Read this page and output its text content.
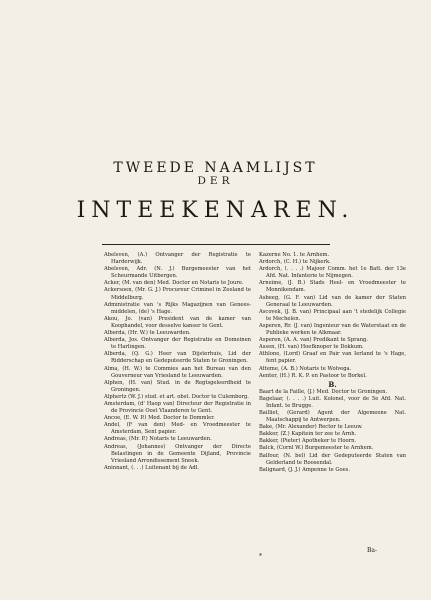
TWEEDE NAAMLIJST
DER
INTEEKENAREN.

Abelsven, (A.) Ontvanger der Registratie te Harderwijk.

Abelsven, Adr. (N. J.) Burgemeester van het Scheurmande Uitbergen.

Acker, (M. van den) Med. Doctor en Notaris te Joure.

Ackersoen, (Mr. G. J.) Procureur Criminel in Zeeland te Middelburg.

Administratie van 's Rijks Magazijnen van Geneesmiddelen, (de) 's Hage.

Akou, Jo. (van) President van de kamer van Koophandel, voor desselve kanser te Gent.

Alberda, (Hr. W.) te Leeuwarden.

Alberda, Jos. Ontvanger der Registratie en Domeinen te Harlingen.

Alberda, (Q. G.) Heer van Dijsterhuis, Lid der Ridderschap en Gedeputeerde Staten te Groningen.

Alma, (H. W.) te Commies aan het Bureau van den Gouverneur van Vriesland te Leeuwarden.

Alphen, (H. van) Stud. in de Regtsgeleerdheid te Groningen.

Alphertz (W. J.) stud. et art. obst. Doctor te Culemborg.

Amsterdam, (d' Haop van) Directeur der Registratie in de Provincie Oost Vlaanderen te Gent.

Ancoe, (E. W. P.) Med. Doctor te Dommler.

Andel, (F van den) Med- en Vroedmeester te Amsterdam, Sent papier.

Andreas, (Mr. P.) Notaris te Leeuwarden.

Andreas, (Johannes) Ontvanger der Directe Belastingen in de Gemeente Dijland, Provincie Vriesland Arrondissement Sneek.

Aninnant, (. . .) Luitenant bij de Adl.

Kazerne No. 1. te Arnhem.

Ardorch, (C. H.) te Nijkerk.

Ardorch, (. . . .) Majoor Comm. het 1e Batt. der 13e Afd. Nat. Infanterie te Nijmegen.

Arneime, (J. B.) Stads Heel- en Vroedmeester te Monnikendam.

Asbeeg, (G. F. van) Lid van de kamer der Staten Generaal te Leeuwarden.

Ascovek, (J. B. van) Principaal aan 't stedelijk Collegie te Mechelen.

Asperen, Rr. (J. van) Ingenieur van de Waterstaat en de Publieke werken te Alkmaar.

Asperen, (A. A. van) Predikant te Sprang.

Assen, (H. van) Hoefknoper te Dokkum.

Athlone, (Lord) Graaf en Pair van Ierland te 's Hage, fent papier.

Atteme, (A. B.) Notaris te Wolvega.

Aenter, (H.) R. K. P. en Pastoor te Borkel.

B.

Baart de la Faille, (J.) Med. Doctor te Groningen.

Bagelaar, (. . . .) Luit. Kolonel, voor de 5e Afd. Nat. Infant. te Brugge.

Bailliet, (Gerard) Agent der Algemeene Nat. Maatschappij te Antwerpen.

Bake, (Mr. Alexander) Rector te Leeuw.

Bakker, (Z.) Kapitein ter zee te Arnh.

Bakker, (Pieter) Apotheker te Hoorn.

Balck, (Cornl W.) Burgemeester te Arnhem.

Balfour, (N. bel) Lid der Gedeputeerde Staten van Gelderland te Roosendal.

Balignard, (J. J.) Ampenne te Goes.

*
Ba-
